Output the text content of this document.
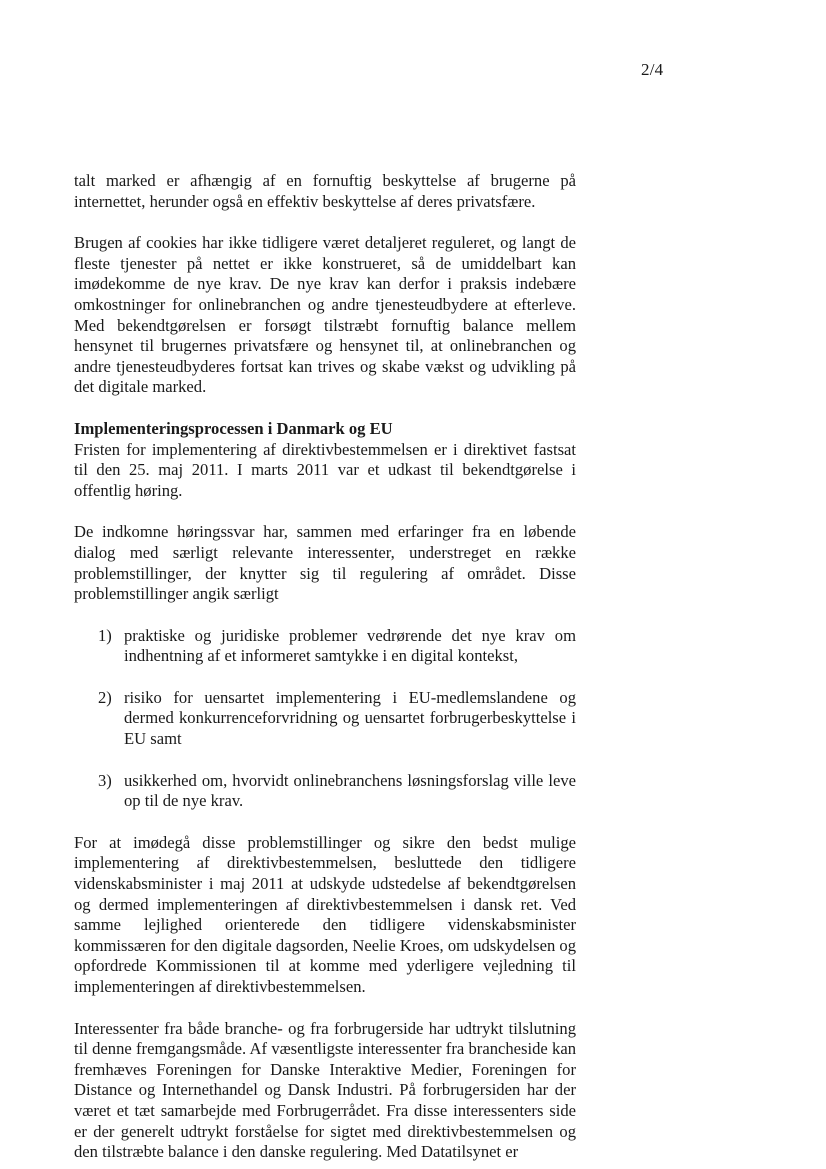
2/4

talt marked er afhængig af en fornuftig beskyttelse af brugerne på internettet, herunder også en effektiv beskyttelse af deres privatsfære.

Brugen af cookies har ikke tidligere været detaljeret reguleret, og langt de fleste tjenester på nettet er ikke konstrueret, så de umiddelbart kan imødekomme de nye krav. De nye krav kan derfor i praksis indebære omkostninger for onlinebranchen og andre tjenesteudbydere at efterleve. Med bekendtgørelsen er forsøgt tilstræbt fornuftig balance mellem hensynet til brugernes privatsfære og hensynet til, at onlinebranchen og andre tjenesteudbyderes fortsat kan trives og skabe vækst og udvikling på det digitale marked.

Implementeringsprocessen i Danmark og EU

Fristen for implementering af direktivbestemmelsen er i direktivet fastsat til den 25. maj 2011. I marts 2011 var et udkast til bekendtgørelse i offentlig høring.

De indkomne høringssvar har, sammen med erfaringer fra en løbende dialog med særligt relevante interessenter, understreget en række problemstillinger, der knytter sig til regulering af området. Disse problemstillinger angik særligt

1) praktiske og juridiske problemer vedrørende det nye krav om indhentning af et informeret samtykke i en digital kontekst,
2) risiko for uensartet implementering i EU-medlemslandene og dermed konkurrenceforvridning og uensartet forbrugerbeskyttelse i EU samt
3) usikkerhed om, hvorvidt onlinebranchens løsningsforslag ville leve op til de nye krav.

For at imødegå disse problemstillinger og sikre den bedst mulige implementering af direktivbestemmelsen, besluttede den tidligere videnskabsminister i maj 2011 at udskyde udstedelse af bekendtgørelsen og dermed implementeringen af direktivbestemmelsen i dansk ret. Ved samme lejlighed orienterede den tidligere videnskabsminister kommissæren for den digitale dagsorden, Neelie Kroes, om udskydelsen og opfordrede Kommissionen til at komme med yderligere vejledning til implementeringen af direktivbestemmelsen.

Interessenter fra både branche- og fra forbrugerside har udtrykt tilslutning til denne fremgangsmåde. Af væsentligste interessenter fra brancheside kan fremhæves Foreningen for Danske Interaktive Medier, Foreningen for Distance og Internethandel og Dansk Industri. På forbrugersiden har der været et tæt samarbejde med Forbrugerrådet. Fra disse interessenters side er der generelt udtrykt forståelse for sigtet med direktivbestemmelsen og den tilstræbte balance i den danske regulering. Med Datatilsynet er
